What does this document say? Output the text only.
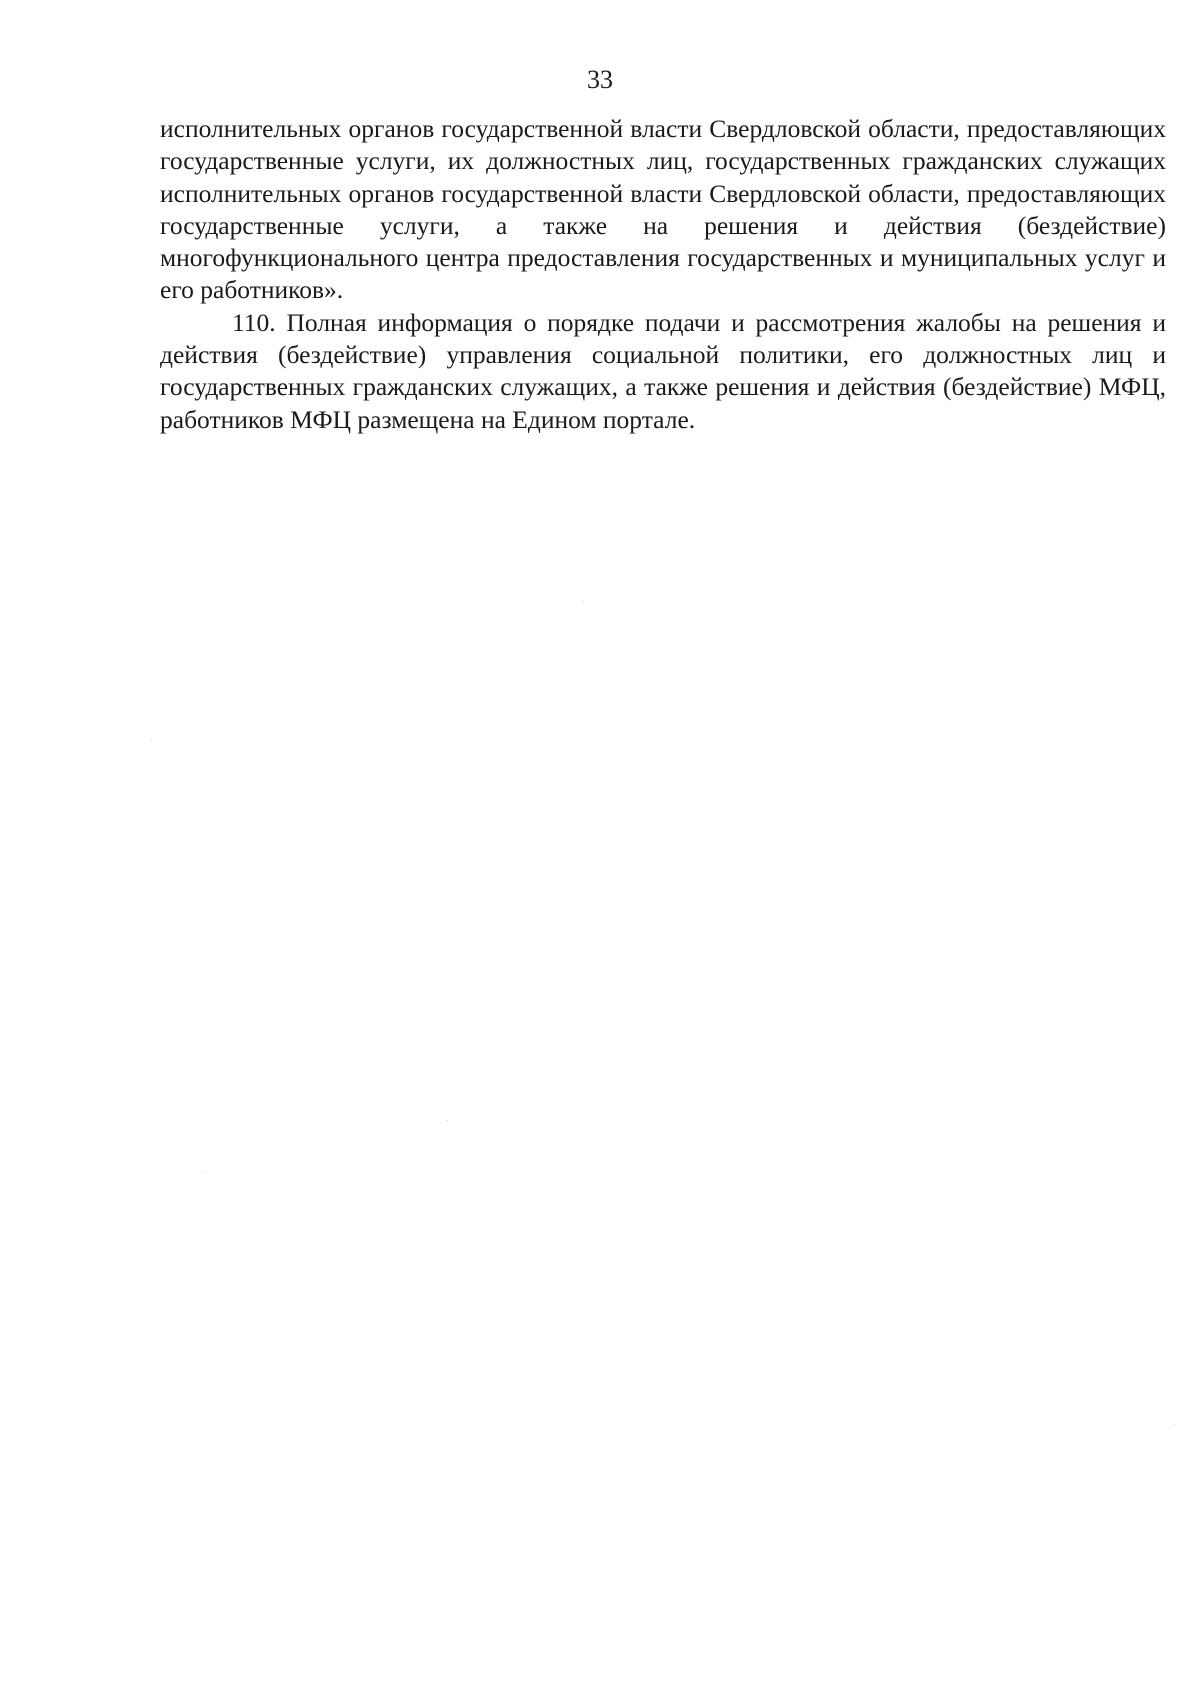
33

исполнительных органов государственной власти Свердловской области, предоставляющих государственные услуги, их должностных лиц, государственных гражданских служащих исполнительных органов государственной власти Свердловской области, предоставляющих государственные услуги, а также на решения и действия (бездействие) многофункционального центра предоставления государственных и муниципальных услуг и его работников».

110. Полная информация о порядке подачи и рассмотрения жалобы на решения и действия (бездействие) управления социальной политики, его должностных лиц и государственных гражданских служащих, а также решения и действия (бездействие) МФЦ, работников МФЦ размещена на Едином портале.
